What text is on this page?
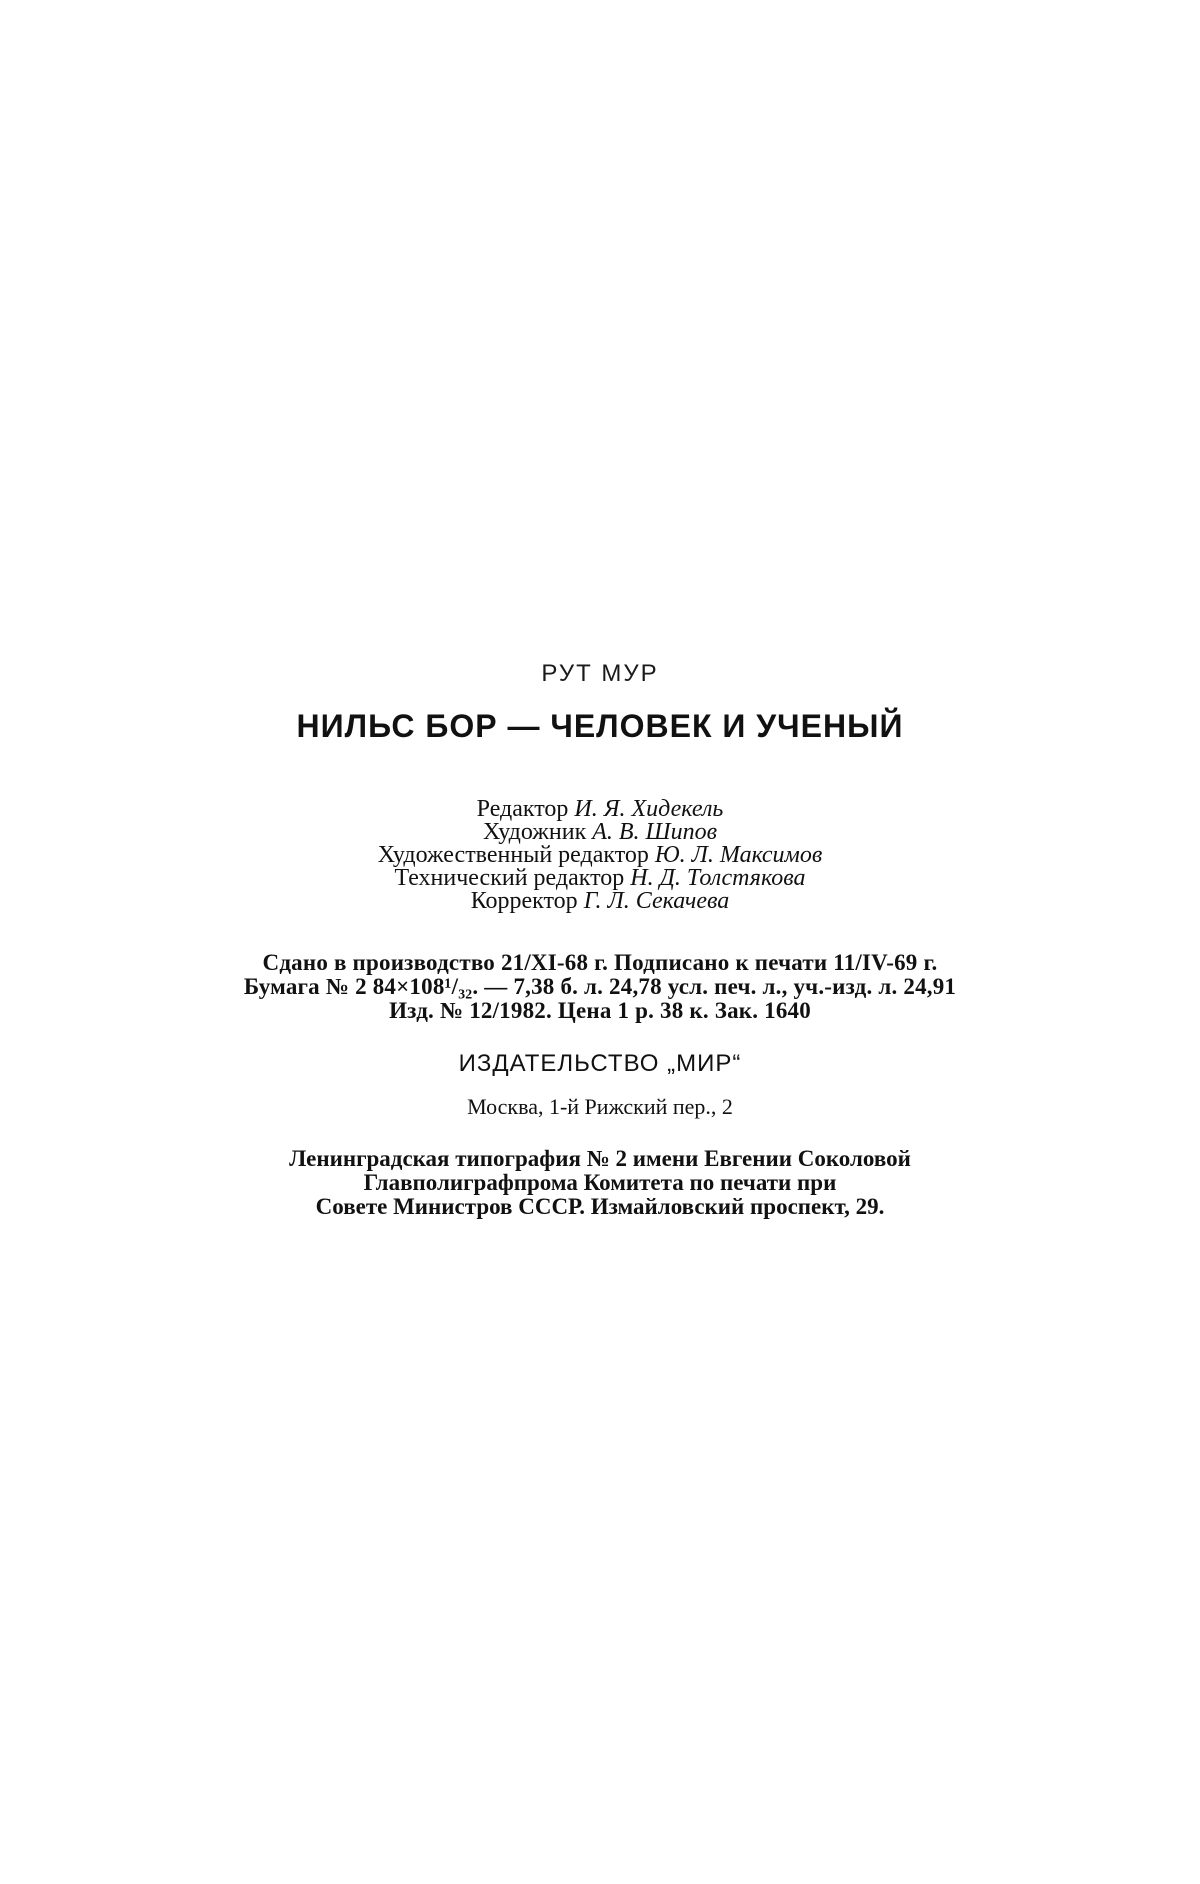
РУТ МУР
НИЛЬС БОР — ЧЕЛОВЕК И УЧЕНЫЙ
Редактор И. Я. Хидекель
Художник А. В. Шипов
Художественный редактор Ю. Л. Максимов
Технический редактор Н. Д. Толстякова
Корректор Г. Л. Секачева
Сдано в производство 21/XI-68 г. Подписано к печати 11/IV-69 г.
Бумага № 2 84×108¹/₃₂. — 7,38 б. л. 24,78 усл. печ. л., уч.-изд. л. 24,91
Изд. № 12/1982. Цена 1 р. 38 к. Зак. 1640
ИЗДАТЕЛЬСТВО „МИР“
Москва, 1-й Рижский пер., 2
Ленинградская типография № 2 имени Евгении Соколовой
Главполиграфпрома Комитета по печати при
Совете Министров СССР. Измайловский проспект, 29.
